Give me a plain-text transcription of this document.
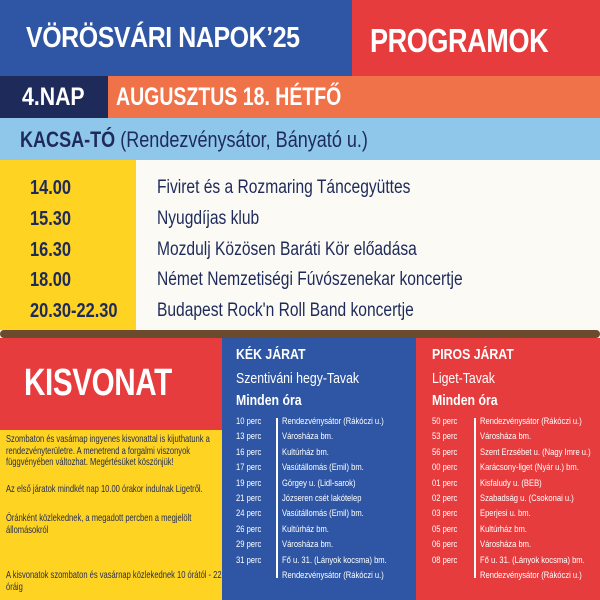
VÖRÖSVÁRI NAPOK’25 PROGRAMOK
4.NAP AUGUSZTUS 18. HÉTFŐ
KACSA-TÓ (Rendezvénysátor, Bányató u.)
14.00	Fiviret és a Rozmaring Táncegyüttes
15.30	Nyugdíjas klub
16.30	Mozdulj Közösen Baráti Kör előadása
18.00	Német Nemzetiségi Fúvószenekar koncertje
20.30-22.30 Budapest Rock'n Roll Band koncertje
KISVONAT
Szombaton és vasárnap ingyenes kisvonattal is kijuthatunk a rendezvényterületre. A menetrend a forgalmi viszonyok függvényében változhat. Megértésüket köszönjük!
Az első járatok mindkét nap 10.00 órakor indulnak Ligetről.
Óránként közlekednek, a megadott percben a megjelölt állomásokról
A kisvonatok szombaton és vasárnap közlekednek 10 órától - 22 óráig
KÉK JÁRAT
Szentiváni hegy-Tavak
Minden óra
10 perc Rendezvénysátor (Rákóczi u.)
13 perc Városháza bm.
16 perc Kultúrház bm.
17 perc Vasútállomás (Emil) bm.
19 perc Görgey u. (Lidl-sarok)
21 perc Józseren csét lakótelep
24 perc Vasútállomás (Emil) bm.
26 perc Kultúrház bm.
29 perc Városháza bm.
31 perc Fő u. 31. (Lányok kocsma) bm.
Rendezvénysátor (Rákóczi u.)
PIROS JÁRAT
Liget-Tavak
Minden óra
50 perc Rendezvénysátor (Rákóczi u.)
53 perc Városháza bm.
56 perc Szent Erzsébet u. (Nagy Imre u.)
00 perc Karácsony-liget (Nyár u.) bm.
01 perc Kisfaludy u. (BEB)
02 perc Szabadság u. (Csokonai u.)
03 perc Eperjesi u. bm.
05 perc Kultúrház bm.
06 perc Városháza bm.
08 perc Fő u. 31. (Lányok kocsma) bm.
Rendezvénysátor (Rákóczi u.)
